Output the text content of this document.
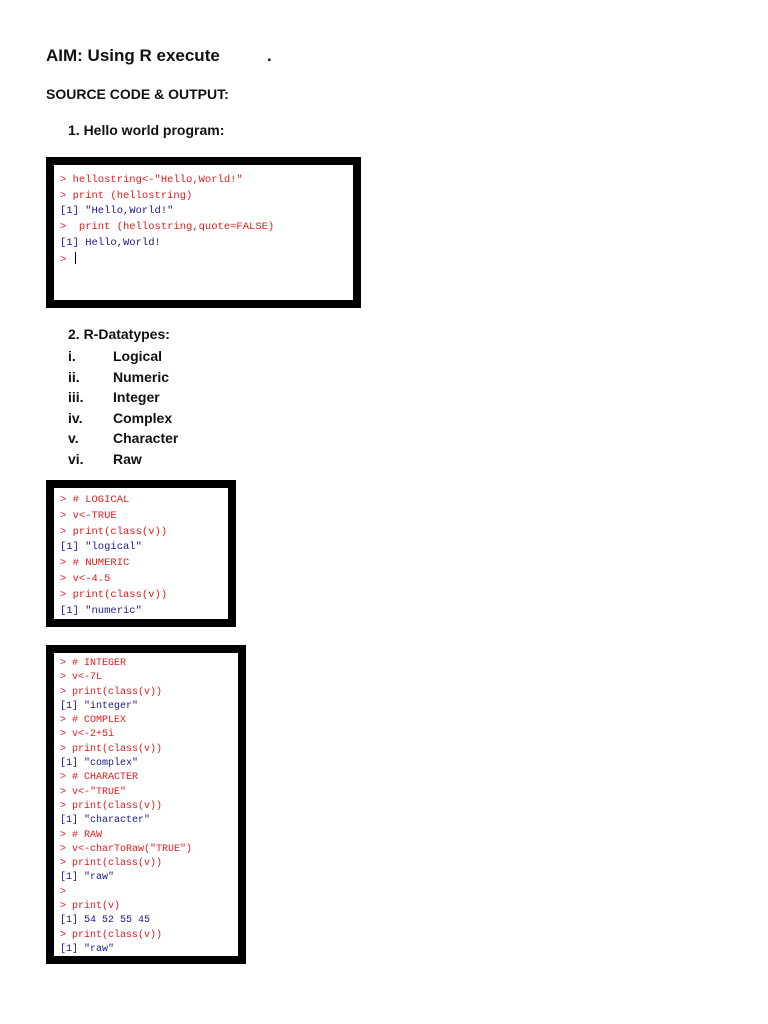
AIM: Using R execute          .
SOURCE CODE & OUTPUT:
1. Hello world program:
> hellostring<-"Hello,World!"
> print (hellostring)
[1] "Hello,World!"
>  print (hellostring,quote=FALSE)
[1] Hello,World!
>
2. R-Datatypes:
i.	Logical
ii. Numeric
iii. Integer
iv. Complex
v. Character
vi. Raw
> # LOGICAL
> v<-TRUE
> print(class(v))
[1] "logical"
> # NUMERIC
> v<-4.5
> print(class(v))
[1] "numeric"
> # INTEGER
> v<-7L
> print(class(v))
[1] "integer"
> # COMPLEX
> v<-2+5i
> print(class(v))
[1] "complex"
> # CHARACTER
> v<-"TRUE"
> print(class(v))
[1] "character"
> # RAW
> v<-charToRaw("TRUE")
> print(class(v))
[1] "raw"
>
> print(v)
[1] 54 52 55 45
> print(class(v))
[1] "raw"
